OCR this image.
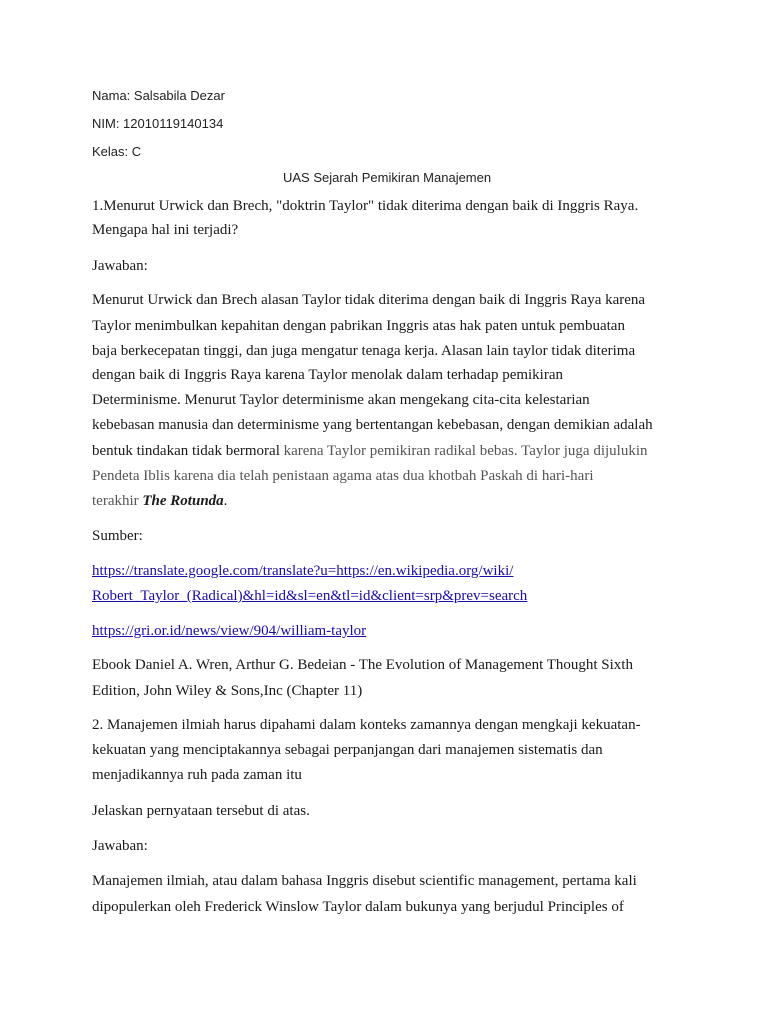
Nama: Salsabila Dezar

NIM: 12010119140134

Kelas: C

UAS Sejarah Pemikiran Manajemen

1.Menurut Urwick dan Brech, "doktrin Taylor" tidak diterima dengan baik di Inggris Raya.

Mengapa hal ini terjadi?

Jawaban:

Menurut Urwick dan Brech alasan Taylor tidak diterima dengan baik di Inggris Raya karena

Taylor menimbulkan kepahitan dengan pabrikan Inggris atas hak paten untuk pembuatan

baja berkecepatan tinggi, dan juga mengatur tenaga kerja. Alasan lain taylor tidak diterima

dengan baik di Inggris Raya karena Taylor menolak dalam terhadap pemikiran

Determinisme. Menurut Taylor determinisme akan mengekang cita-cita kelestarian

kebebasan manusia dan determinisme yang bertentangan kebebasan, dengan demikian adalah

bentuk tindakan tidak bermoral karena Taylor pemikiran radikal bebas. Taylor juga dijulukin

Pendeta Iblis karena dia telah penistaan agama atas dua khotbah Paskah di hari-hari

terakhir The Rotunda.

Sumber:

https://translate.google.com/translate?u=https://en.wikipedia.org/wiki/

Robert_Taylor_(Radical)&hl=id&sl=en&tl=id&client=srp&prev=search

https://gri.or.id/news/view/904/william-taylor

Ebook Daniel A. Wren, Arthur G. Bedeian - The Evolution of Management Thought Sixth

Edition, John Wiley & Sons,Inc (Chapter 11)

2. Manajemen ilmiah harus dipahami dalam konteks zamannya dengan mengkaji kekuatan-

kekuatan yang menciptakannya sebagai perpanjangan dari manajemen sistematis dan

menjadikannya ruh pada zaman itu

Jelaskan pernyataan tersebut di atas.

Jawaban:

Manajemen ilmiah, atau dalam bahasa Inggris disebut scientific management, pertama kali

dipopulerkan oleh Frederick Winslow Taylor dalam bukunya yang berjudul Principles of
